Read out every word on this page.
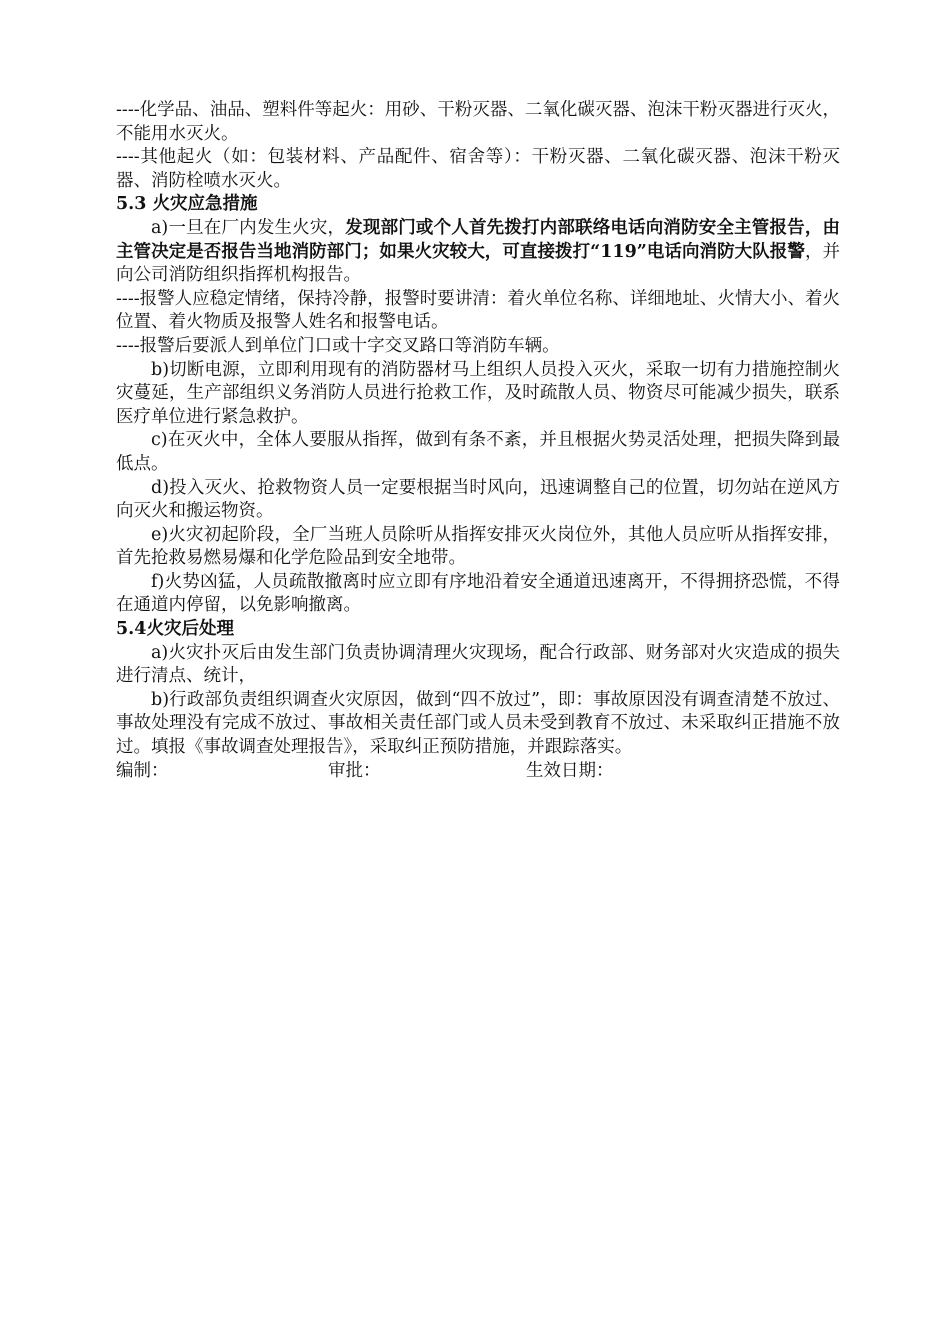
----化学品、油品、塑料件等起火：用砂、干粉灭器、二氧化碳灭器、泡沫干粉灭器进行灭火，不能用水灭火。

----其他起火（如：包装材料、产品配件、宿舍等）：干粉灭器、二氧化碳灭器、泡沫干粉灭器、消防栓喷水灭火。

5.3 火灾应急措施

a)一旦在厂内发生火灾，发现部门或个人首先拨打内部联络电话向消防安全主管报告，由主管决定是否报告当地消防部门；如果火灾较大，可直接拨打“119”电话向消防大队报警，并向公司消防组织指挥机构报告。

----报警人应稳定情绪，保持冷静，报警时要讲清：着火单位名称、详细地址、火情大小、着火位置、着火物质及报警人姓名和报警电话。

----报警后要派人到单位门口或十字交叉路口等消防车辆。

b)切断电源，立即利用现有的消防器材马上组织人员投入灭火，采取一切有力措施控制火灾蔓延，生产部组织义务消防人员进行抢救工作，及时疏散人员、物资尽可能减少损失，联系医疗单位进行紧急救护。

c)在灭火中，全体人要服从指挥，做到有条不紊，并且根据火势灵活处理，把损失降到最低点。

d)投入灭火、抢救物资人员一定要根据当时风向，迅速调整自己的位置，切勿站在逆风方向灭火和搬运物资。

e)火灾初起阶段，全厂当班人员除听从指挥安排灭火岗位外，其他人员应听从指挥安排，首先抢救易燃易爆和化学危险品到安全地带。

f)火势凶猛，人员疏散撤离时应立即有序地沿着安全通道迅速离开，不得拥挤恐慌，不得在通道内停留，以免影响撤离。

5.4火灾后处理

a)火灾扑灭后由发生部门负责协调清理火灾现场，配合行政部、财务部对火灾造成的损失进行清点、统计，

b)行政部负责组织调查火灾原因，做到“四不放过”，即：事故原因没有调查清楚不放过、事故处理没有完成不放过、事故相关责任部门或人员未受到教育不放过、未采取纠正措施不放过。填报《事故调查处理报告》，采取纠正预防措施，并跟踪落实。

编制：	审批：	生效日期：
